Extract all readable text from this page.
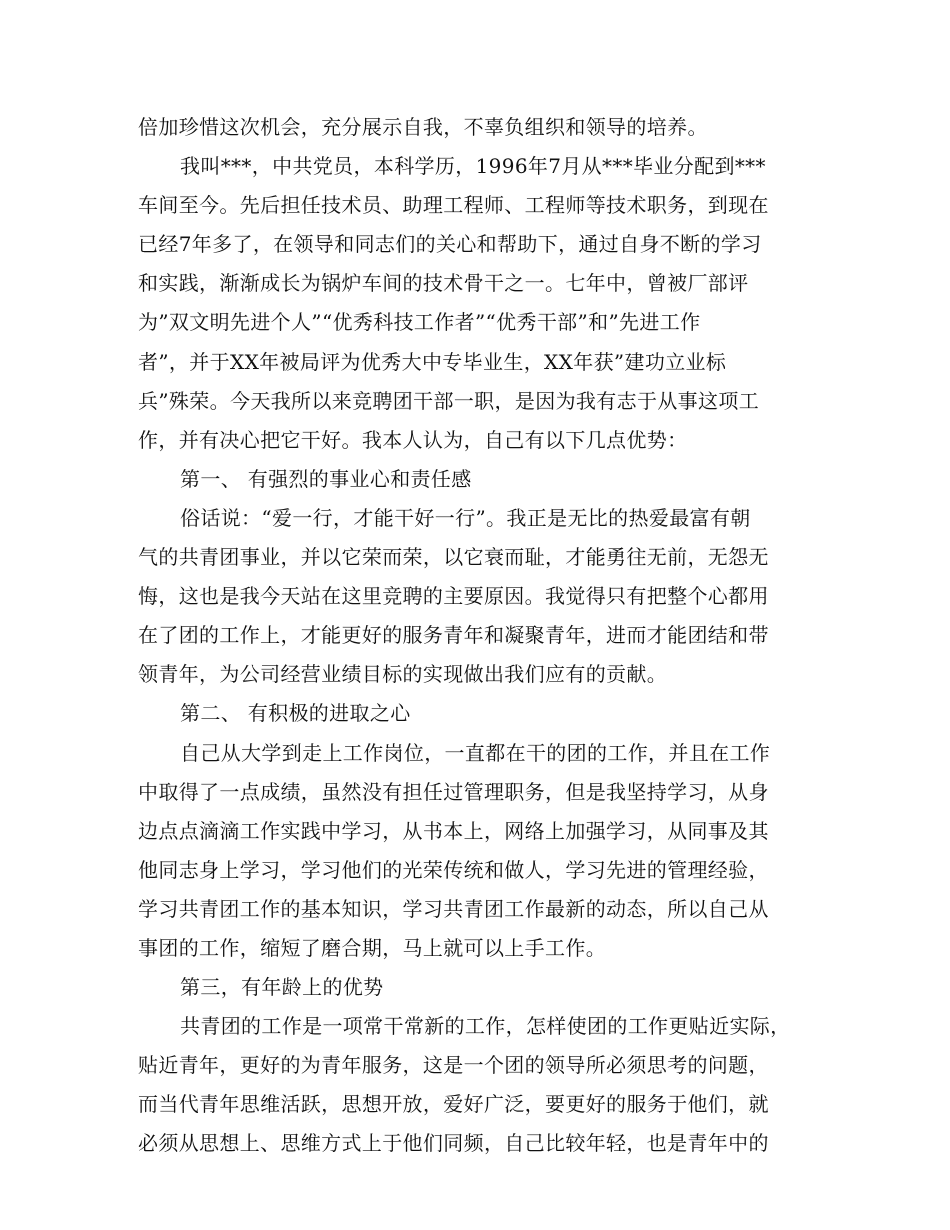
倍加珍惜这次机会，充分展示自我，不辜负组织和领导的培养。
我叫***，中共党员，本科学历，1996年7月从***毕业分配到***
车间至今。先后担任技术员、助理工程师、工程师等技术职务，到现在
已经7年多了，在领导和同志们的关心和帮助下，通过自身不断的学习
和实践，渐渐成长为锅炉车间的技术骨干之一。七年中，曾被厂部评
为”双文明先进个人”“优秀科技工作者”“优秀干部”和”先进工作
者”，并于XX年被局评为优秀大中专毕业生，XX年获”建功立业标
兵”殊荣。今天我所以来竞聘团干部一职，是因为我有志于从事这项工
作，并有决心把它干好。我本人认为，自己有以下几点优势：
第一、 有强烈的事业心和责任感
俗话说：“爱一行，才能干好一行”。我正是无比的热爱最富有朝
气的共青团事业，并以它荣而荣，以它衰而耻，才能勇往无前，无怨无
悔，这也是我今天站在这里竞聘的主要原因。我觉得只有把整个心都用
在了团的工作上，才能更好的服务青年和凝聚青年，进而才能团结和带
领青年，为公司经营业绩目标的实现做出我们应有的贡献。
第二、 有积极的进取之心
自己从大学到走上工作岗位，一直都在干的团的工作，并且在工作
中取得了一点成绩，虽然没有担任过管理职务，但是我坚持学习，从身
边点点滴滴工作实践中学习，从书本上，网络上加强学习，从同事及其
他同志身上学习，学习他们的光荣传统和做人，学习先进的管理经验，
学习共青团工作的基本知识，学习共青团工作最新的动态，所以自己从
事团的工作，缩短了磨合期，马上就可以上手工作。
第三，有年龄上的优势
共青团的工作是一项常干常新的工作，怎样使团的工作更贴近实际，
贴近青年，更好的为青年服务，这是一个团的领导所必须思考的问题，
而当代青年思维活跃，思想开放，爱好广泛，要更好的服务于他们，就
必须从思想上、思维方式上于他们同频，自己比较年轻，也是青年中的
